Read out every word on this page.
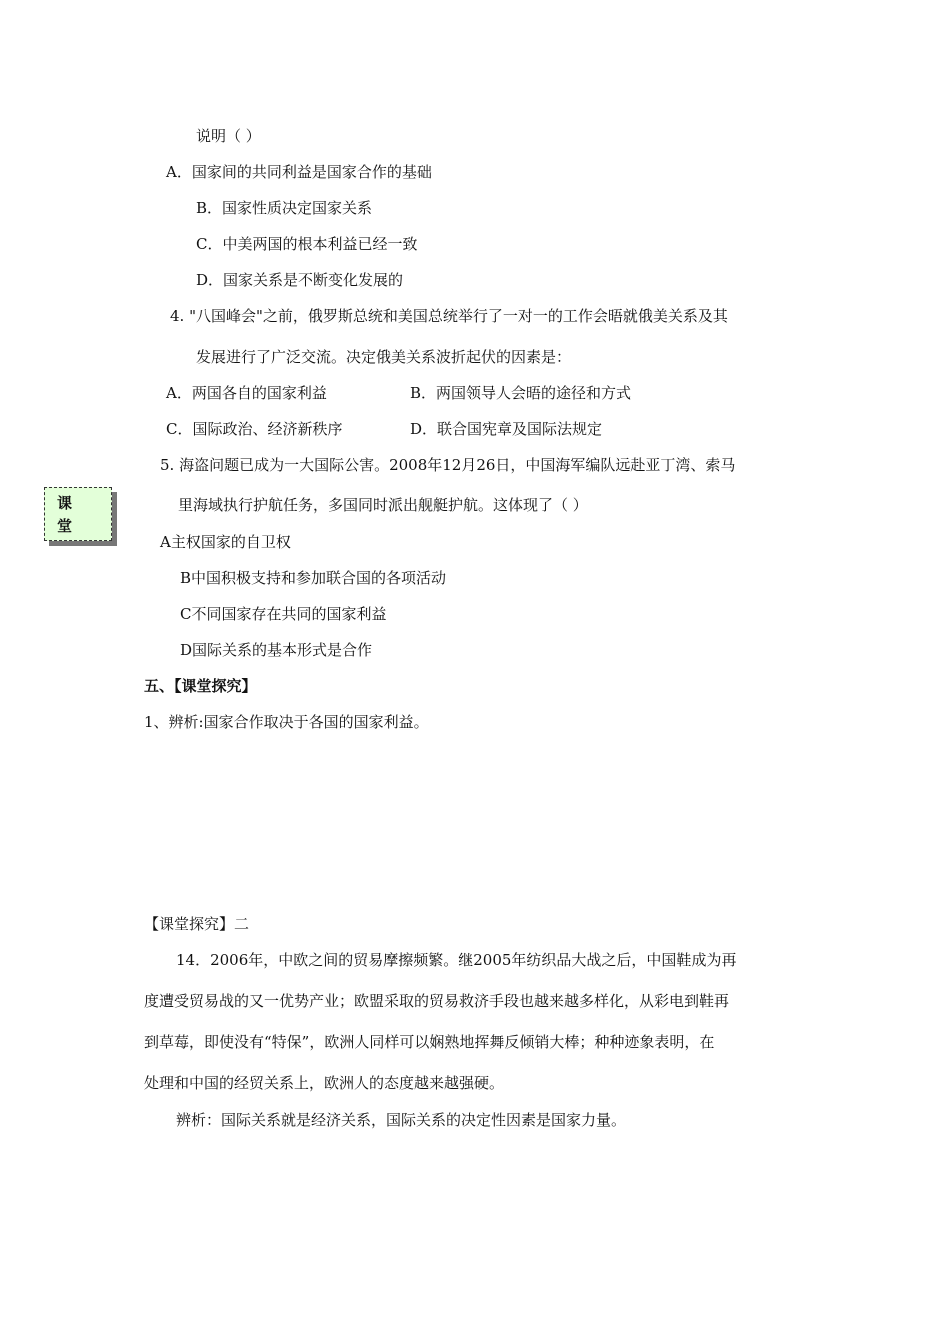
说明（ ）
A．国家间的共同利益是国家合作的基础
B．国家性质决定国家关系
C．中美两国的根本利益已经一致
D．国家关系是不断变化发展的
4. "八国峰会"之前，俄罗斯总统和美国总统举行了一对一的工作会晤就俄美关系及其
发展进行了广泛交流。决定俄美关系波折起伏的因素是：
A．两国各自的国家利益	B．两国领导人会晤的途径和方式
C．国际政治、经济新秩序	D．联合国宪章及国际法规定
5. 海盗问题已成为一大国际公害。2008年12月26日，中国海军编队远赴亚丁湾、索马
里海域执行护航任务，多国同时派出舰艇护航。这体现了（ ）
A主权国家的自卫权
B中国积极支持和参加联合国的各项活动
C不同国家存在共同的国家利益
D国际关系的基本形式是合作
课
堂
五、【课堂探究】
1、辨析:国家合作取决于各国的国家利益。
【课堂探究】二
14．2006年，中欧之间的贸易摩擦频繁。继2005年纺织品大战之后，中国鞋成为再
度遭受贸易战的又一优势产业；欧盟采取的贸易救济手段也越来越多样化，从彩电到鞋再
到草莓，即使没有“特保”，欧洲人同样可以娴熟地挥舞反倾销大棒；种种迹象表明，在
处理和中国的经贸关系上，欧洲人的态度越来越强硬。
辨析：国际关系就是经济关系，国际关系的决定性因素是国家力量。
